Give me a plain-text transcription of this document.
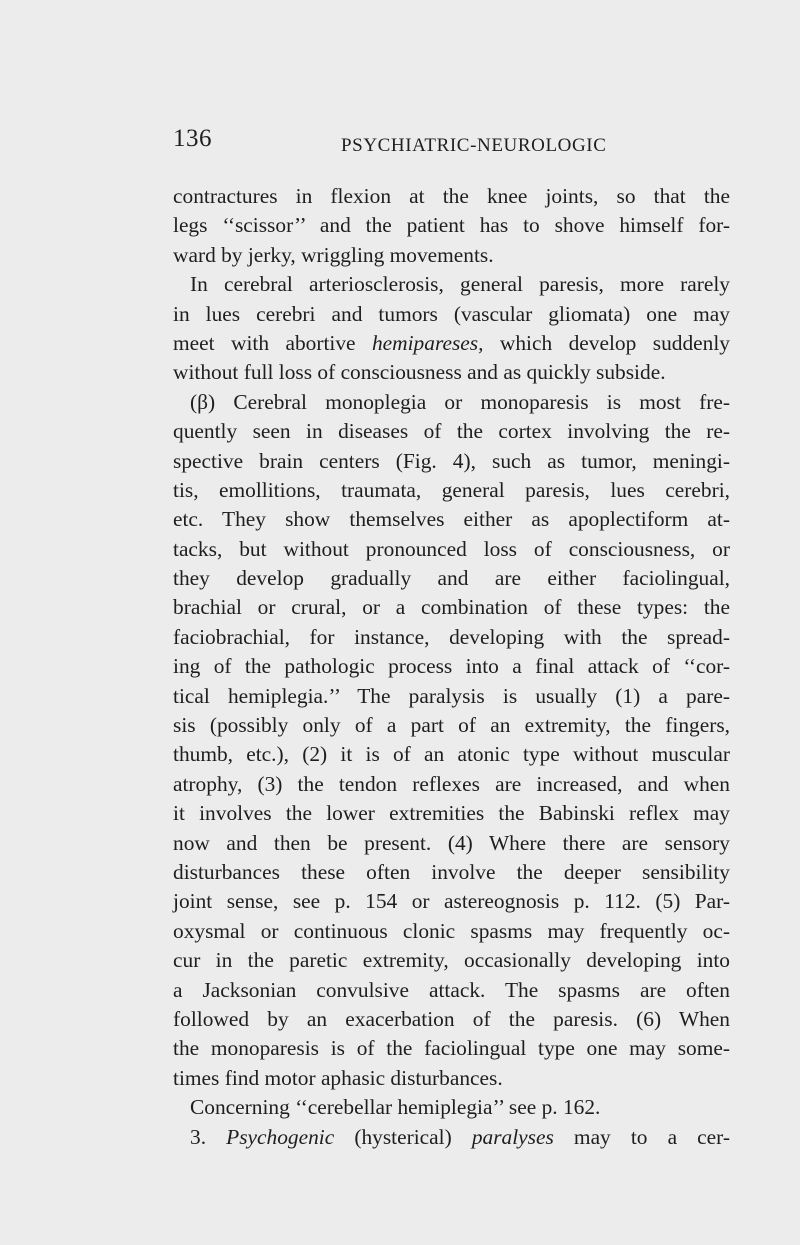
136	PSYCHIATRIC-NEUROLOGIC
contractures in flexion at the knee joints, so that the
legs ‘‘scissor’’ and the patient has to shove himself for-
ward by jerky, wriggling movements.
In cerebral arteriosclerosis, general paresis, more rarely
in lues cerebri and tumors (vascular gliomata) one may
meet with abortive hemipareses, which develop suddenly
without full loss of consciousness and as quickly subside.
(β) Cerebral monoplegia or monoparesis is most fre-
quently seen in diseases of the cortex involving the re-
spective brain centers (Fig. 4), such as tumor, meningi-
tis, emollitions, traumata, general paresis, lues cerebri,
etc. They show themselves either as apoplectiform at-
tacks, but without pronounced loss of consciousness, or
they develop gradually and are either faciolingual,
brachial or crural, or a combination of these types: the
faciobrachial, for instance, developing with the spread-
ing of the pathologic process into a final attack of ‘‘cor-
tical hemiplegia.’’ The paralysis is usually (1) a pare-
sis (possibly only of a part of an extremity, the fingers,
thumb, etc.), (2) it is of an atonic type without muscular
atrophy, (3) the tendon reflexes are increased, and when
it involves the lower extremities the Babinski reflex may
now and then be present. (4) Where there are sensory
disturbances these often involve the deeper sensibility
joint sense, see p. 154 or astereognosis p. 112. (5) Par-
oxysmal or continuous clonic spasms may frequently oc-
cur in the paretic extremity, occasionally developing into
a Jacksonian convulsive attack. The spasms are often
followed by an exacerbation of the paresis. (6) When
the monoparesis is of the faciolingual type one may some-
times find motor aphasic disturbances.
Concerning ‘‘cerebellar hemiplegia’’ see p. 162.
3. Psychogenic (hysterical) paralyses may to a cer-
